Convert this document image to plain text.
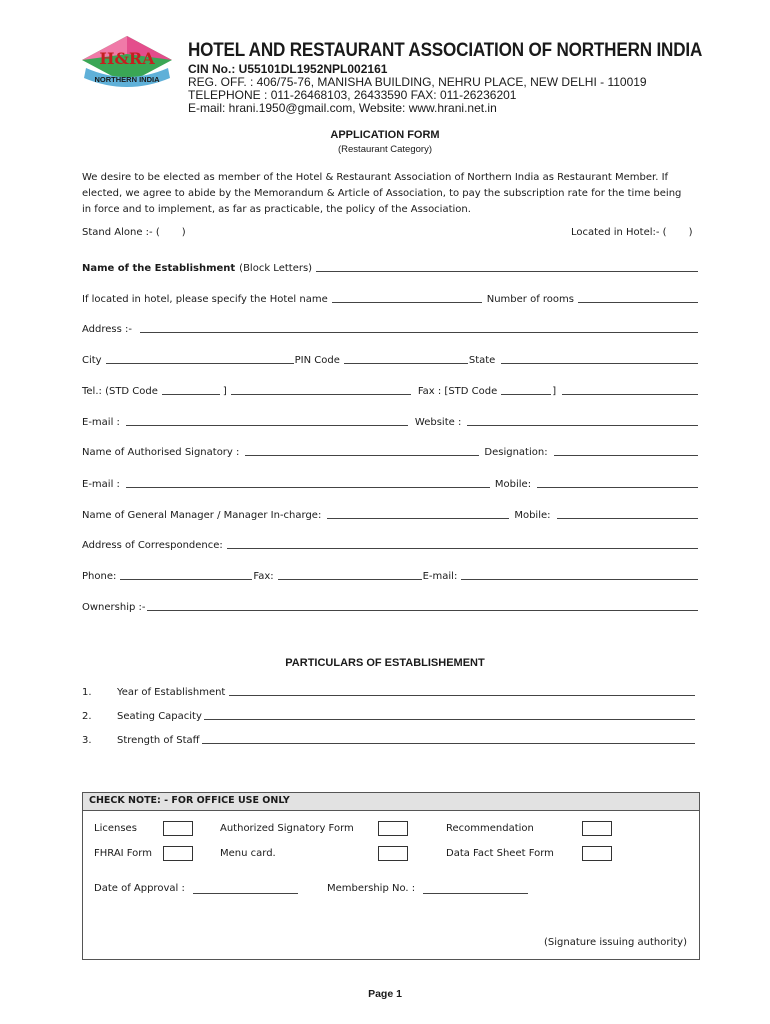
H&RA
NORTHERN INDIA
HOTEL AND RESTAURANT ASSOCIATION OF NORTHERN INDIA
CIN No.: U55101DL1952NPL002161
REG. OFF. : 406/75-76, MANISHA BUILDING, NEHRU PLACE, NEW DELHI - 110019
TELEPHONE : 011-26468103, 26433590 FAX: 011-26236201
E-mail: hrani.1950@gmail.com, Website: www.hrani.net.in
APPLICATION FORM
(Restaurant Category)
We desire to be elected as member of the Hotel & Restaurant Association of Northern India as Restaurant Member. If elected, we agree to abide by the Memorandum & Article of Association, to pay the subscription rate for the time being in force and to implement, as far as practicable, the policy of the Association.
Stand Alone :- ( )	Located in Hotel:- ( )
Name of the Establishment (Block Letters)
If located in hotel, please specify the Hotel name	Number of rooms
Address :-
City	PIN Code	State
Tel.: (STD Code	]	Fax : [STD Code	]
E-mail :	Website :
Name of Authorised Signatory :	Designation:
E-mail :	Mobile:
Name of General Manager / Manager In-charge:	Mobile:
Address of Correspondence:
Phone:	Fax:	E-mail:
Ownership :-
PARTICULARS OF ESTABLISHEMENT
1.	Year of Establishment
2.	Seating Capacity
3.	Strength of Staff
CHECK NOTE: - FOR OFFICE USE ONLY
Licenses	Authorized Signatory Form	Recommendation
FHRAI Form	Menu card.	Data Fact Sheet Form
Date of Approval :	Membership No. :
(Signature issuing authority)
Page 1
